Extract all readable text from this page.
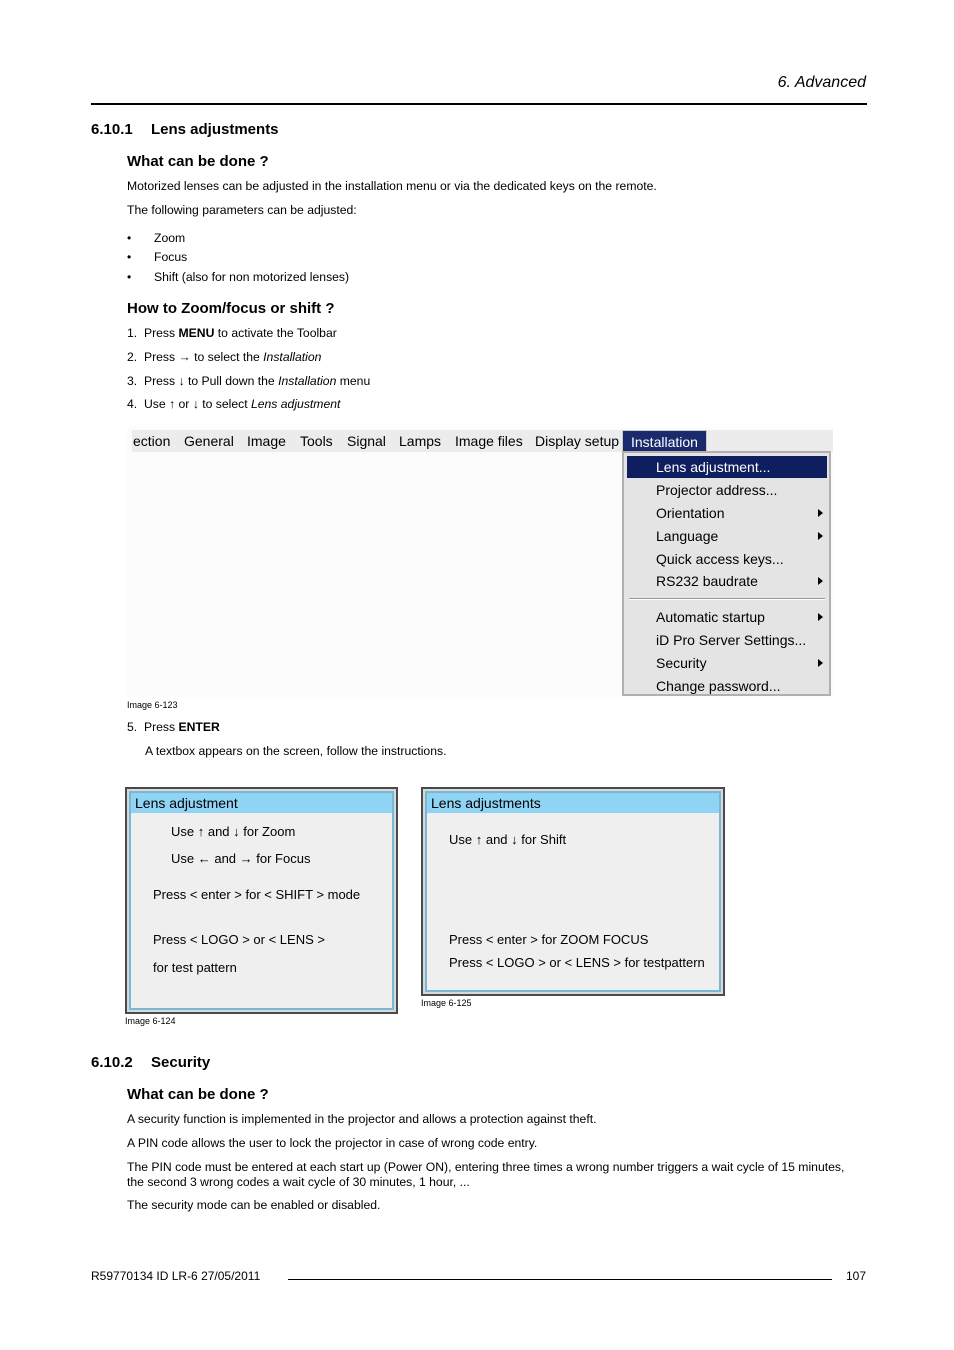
6. Advanced
6.10.1 Lens adjustments
What can be done ?
Motorized lenses can be adjusted in the installation menu or via the dedicated keys on the remote.
The following parameters can be adjusted:
• Zoom
• Focus
• Shift (also for non motorized lenses)
How to Zoom/focus or shift ?
1. Press MENU to activate the Toolbar
2. Press → to select the Installation
3. Press ↓ to Pull down the Installation menu
4. Use ↑ or ↓ to select Lens adjustment
ection General Image Tools Signal Lamps Image files Display setup Installation
Lens adjustment...
Projector address...
Orientation
Language
Quick access keys...
RS232 baudrate
Automatic startup
iD Pro Server Settings...
Security
Change password...
Image 6-123
5. Press ENTER
A textbox appears on the screen, follow the instructions.
Lens adjustment
Use ↑ and ↓ for Zoom
Use ← and → for Focus
Press < enter > for < SHIFT > mode
Press < LOGO > or < LENS >
for test pattern
Image 6-124
Lens adjustments
Use ↑ and ↓ for Shift
Press < enter > for ZOOM FOCUS
Press < LOGO > or < LENS > for testpattern
Image 6-125
6.10.2 Security
What can be done ?
A security function is implemented in the projector and allows a protection against theft.
A PIN code allows the user to lock the projector in case of wrong code entry.
The PIN code must be entered at each start up (Power ON), entering three times a wrong number triggers a wait cycle of 15 minutes,
the second 3 wrong codes a wait cycle of 30 minutes, 1 hour, ...
The security mode can be enabled or disabled.
R59770134 ID LR-6 27/05/2011	107
